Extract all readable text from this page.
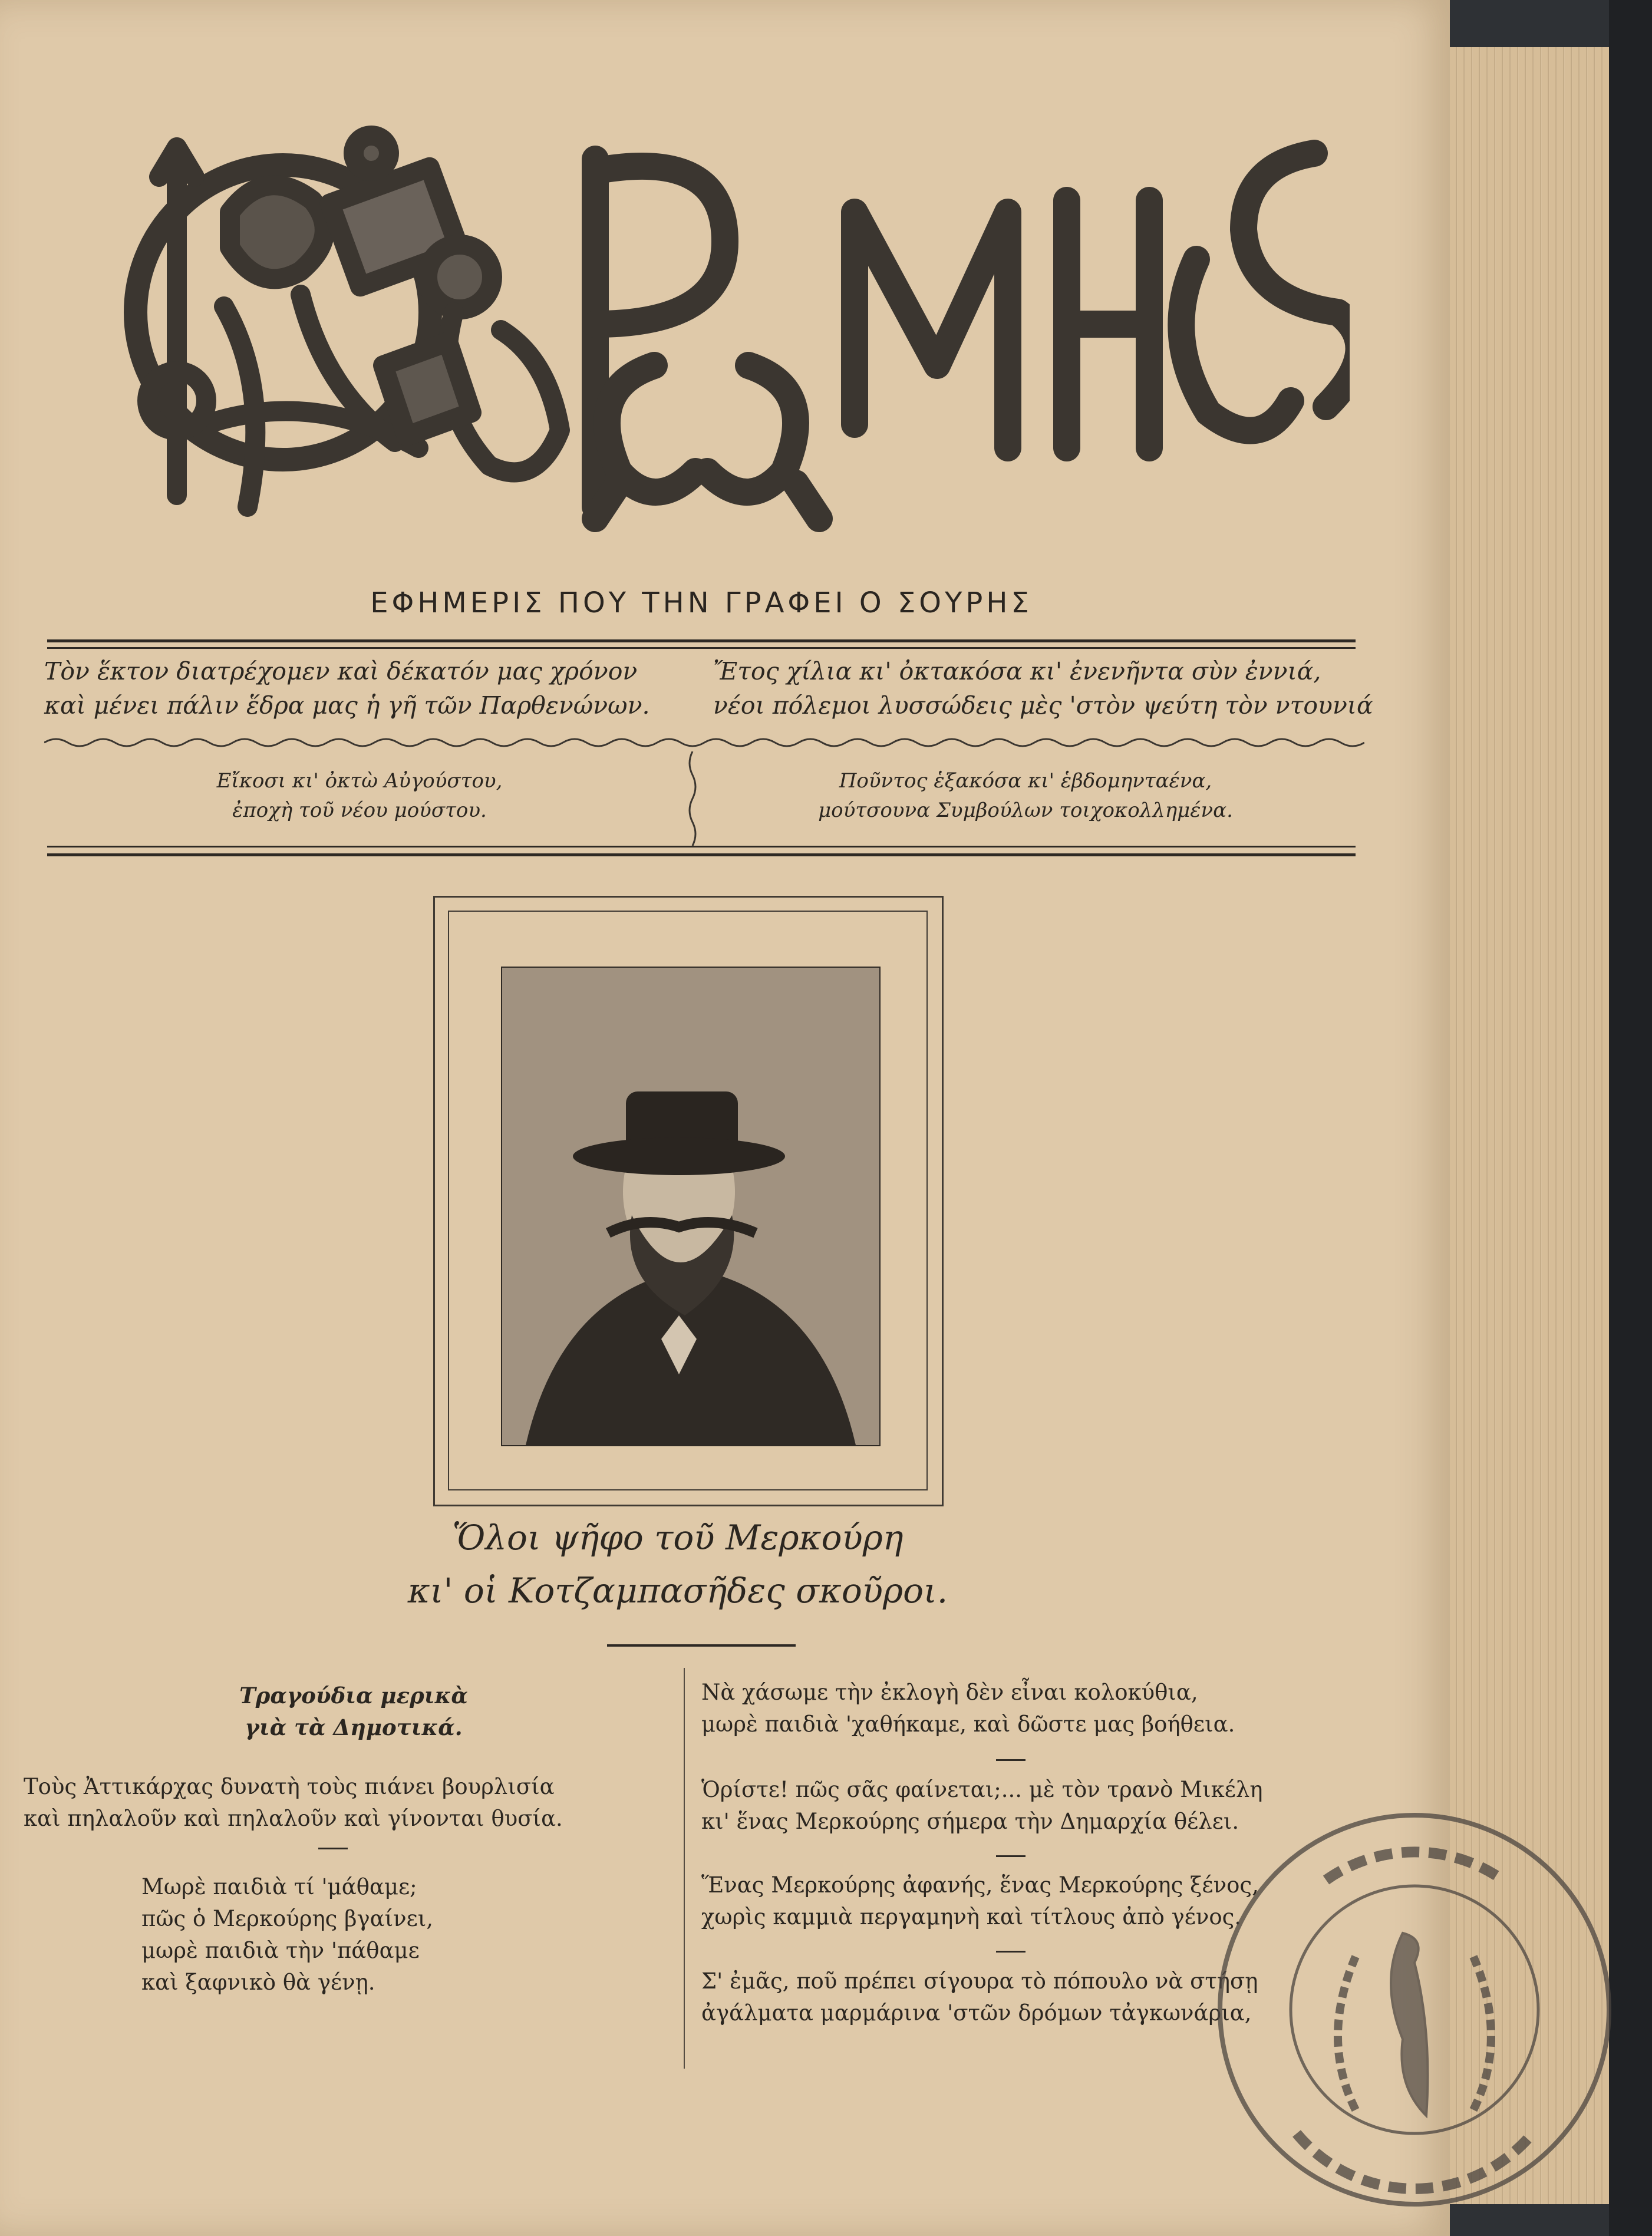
ΕΦΗΜΕΡΙΣ ΠΟΥ ΤΗΝ ΓΡΑΦΕΙ Ο ΣΟΥΡΗΣ
Τὸν ἕκτον διατρέχομεν καὶ δέκατόν μας χρόνον
καὶ μένει πάλιν ἕδρα μας ἡ γῆ τῶν Παρθενώνων.
Ἔτος χίλια κι' ὀκτακόσα κι' ἐνενῆντα σὺν ἐννιά,
νέοι πόλεμοι λυσσώδεις μὲς 'στὸν ψεύτη τὸν ντουνιά
Εἴκοσι κι' ὀκτὼ Αὐγούστου,
ἐποχὴ τοῦ νέου μούστου.
Ποῦντος ἑξακόσα κι' ἑβδομηνταένα,
μούτσουνα Συμβούλων τοιχοκολλημένα.
Ὅλοι ψῆφο τοῦ Μερκούρη
κι' οἱ Κοτζαμπασῆδες σκοῦροι.
Τραγούδια μερικὰ
γιὰ τὰ Δημοτικά.
Τοὺς Ἀττικάρχας δυνατὴ τοὺς πιάνει βουρλισία
καὶ πηλαλοῦν καὶ πηλαλοῦν καὶ γίνονται θυσία.
Μωρὲ παιδιὰ τί 'μάθαμε;
πῶς ὁ Μερκούρης βγαίνει,
μωρὲ παιδιὰ τὴν 'πάθαμε
καὶ ξαφνικὸ θὰ γένῃ.
Νὰ χάσωμε τὴν ἐκλογὴ δὲν εἶναι κολοκύθια,
μωρὲ παιδιὰ 'χαθήκαμε, καὶ δῶστε μας βοήθεια.
Ὁρίστε! πῶς σᾶς φαίνεται;... μὲ τὸν τρανὸ Μικέλη
κι' ἕνας Μερκούρης σήμερα τὴν Δημαρχία θέλει.
Ἕνας Μερκούρης ἀφανής, ἕνας Μερκούρης ξένος,
χωρὶς καμμιὰ περγαμηνὴ καὶ τίτλους ἀπὸ γένος.
Σ' ἐμᾶς, ποῦ πρέπει σίγουρα τὸ πόπουλο νὰ στήσῃ
ἀγάλματα μαρμάρινα 'στῶν δρόμων τἀγκωνάρια,
